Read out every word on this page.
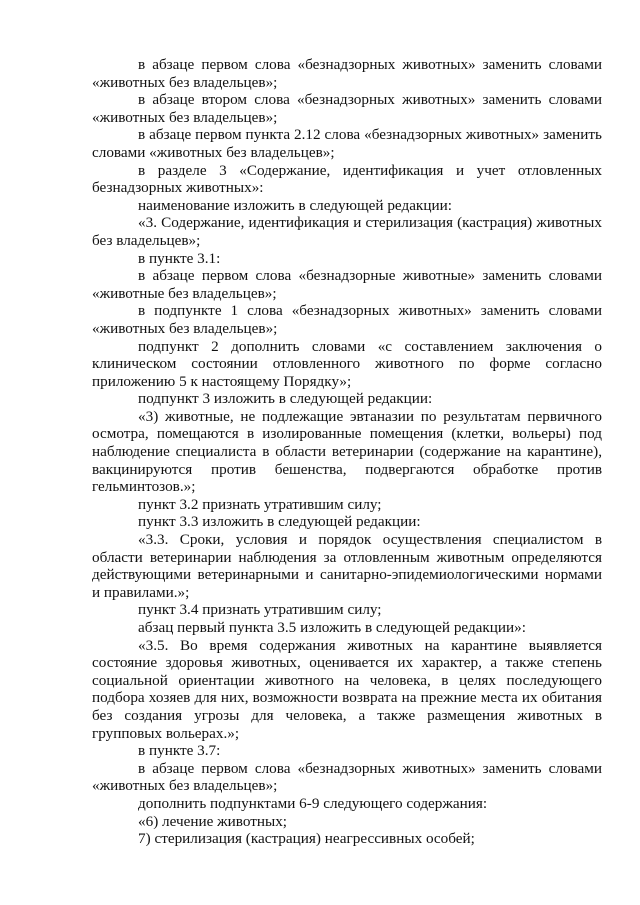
в абзаце первом слова «безнадзорных животных» заменить словами «животных без владельцев»;

в абзаце втором слова «безнадзорных животных» заменить словами «животных без владельцев»;

в абзаце первом пункта 2.12 слова «безнадзорных животных» заменить словами «животных без владельцев»;

в разделе 3 «Содержание, идентификация и учет отловленных безнадзорных животных»:

наименование изложить в следующей редакции:

«3. Содержание, идентификация и стерилизация (кастрация) животных без владельцев»;

в пункте 3.1:

в абзаце первом слова «безнадзорные животные» заменить словами «животные без владельцев»;

в подпункте 1 слова «безнадзорных животных» заменить словами «животных без владельцев»;

подпункт 2 дополнить словами «с составлением заключения о клиническом состоянии отловленного животного по форме согласно приложению 5 к настоящему Порядку»;

подпункт 3 изложить в следующей редакции:

«3) животные, не подлежащие эвтаназии по результатам первичного осмотра, помещаются в изолированные помещения (клетки, вольеры) под наблюдение специалиста в области ветеринарии (содержание на карантине), вакцинируются против бешенства, подвергаются обработке против гельминтозов.»;

пункт 3.2 признать утратившим силу;

пункт 3.3 изложить в следующей редакции:

«3.3. Сроки, условия и порядок осуществления специалистом в области ветеринарии наблюдения за отловленным животным определяются действующими ветеринарными и санитарно-эпидемиологическими нормами и правилами.»;

пункт 3.4 признать утратившим силу;

абзац первый пункта 3.5 изложить в следующей редакции»:

«3.5. Во время содержания животных на карантине выявляется состояние здоровья животных, оценивается их характер, а также степень социальной ориентации животного на человека, в целях последующего подбора хозяев для них, возможности возврата на прежние места их обитания без создания угрозы для человека, а также размещения животных в групповых вольерах.»;

в пункте 3.7:

в абзаце первом слова «безнадзорных животных» заменить словами «животных без владельцев»;

дополнить подпунктами 6-9 следующего содержания:

«6) лечение животных;

7) стерилизация (кастрация) неагрессивных особей;
